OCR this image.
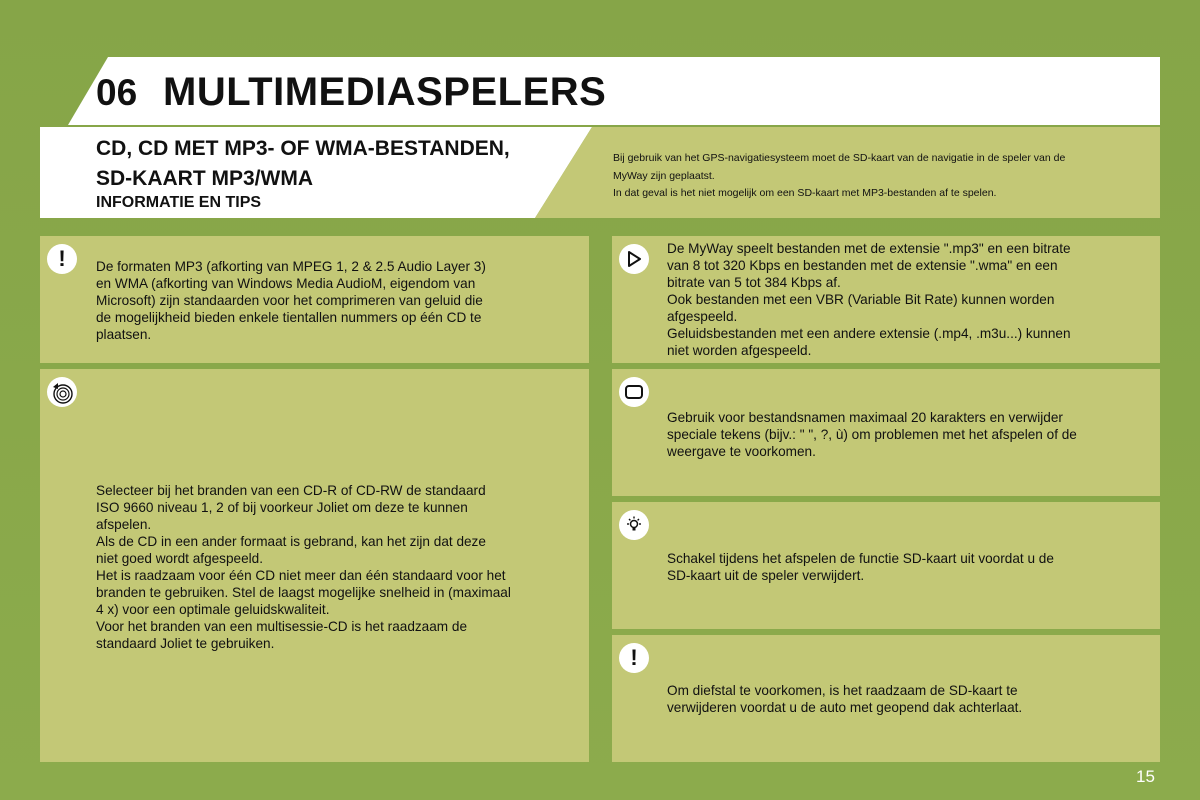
06 MULTIMEDIASPELERS
CD, CD MET MP3- OF WMA-BESTANDEN,
SD-KAART MP3/WMA
INFORMATIE EN TIPS

Bij gebruik van het GPS-navigatiesysteem moet de SD-kaart van de navigatie in de speler van de

MyWay zijn geplaatst.

In dat geval is het niet mogelijk om een SD-kaart met MP3-bestanden af te spelen.

! De formaten MP3 (afkorting van MPEG 1, 2 & 2.5 Audio Layer 3)

en WMA (afkorting van Windows Media AudioM, eigendom van

Microsoft) zijn standaarden voor het comprimeren van geluid die

de mogelijkheid bieden enkele tientallen nummers op één CD te

plaatsen.

De MyWay speelt bestanden met de extensie ".mp3" en een bitrate

van 8 tot 320 Kbps en bestanden met de extensie ".wma" en een

bitrate van 5 tot 384 Kbps af.

Ook bestanden met een VBR (Variable Bit Rate) kunnen worden

afgespeeld.

Geluidsbestanden met een andere extensie (.mp4, .m3u...) kunnen

niet worden afgespeeld.

Selecteer bij het branden van een CD-R of CD-RW de standaard

ISO 9660 niveau 1, 2 of bij voorkeur Joliet om deze te kunnen

afspelen.

Als de CD in een ander formaat is gebrand, kan het zijn dat deze

niet goed wordt afgespeeld.

Het is raadzaam voor één CD niet meer dan één standaard voor het

branden te gebruiken. Stel de laagst mogelijke snelheid in (maximaal

4 x) voor een optimale geluidskwaliteit.

Voor het branden van een multisessie-CD is het raadzaam de

standaard Joliet te gebruiken.

Gebruik voor bestandsnamen maximaal 20 karakters en verwijder

speciale tekens (bijv.: " ", ?, ù) om problemen met het afspelen of de

weergave te voorkomen.

Schakel tijdens het afspelen de functie SD-kaart uit voordat u de

SD-kaart uit de speler verwijdert.

!

Om diefstal te voorkomen, is het raadzaam de SD-kaart te

verwijderen voordat u de auto met geopend dak achterlaat.

15
